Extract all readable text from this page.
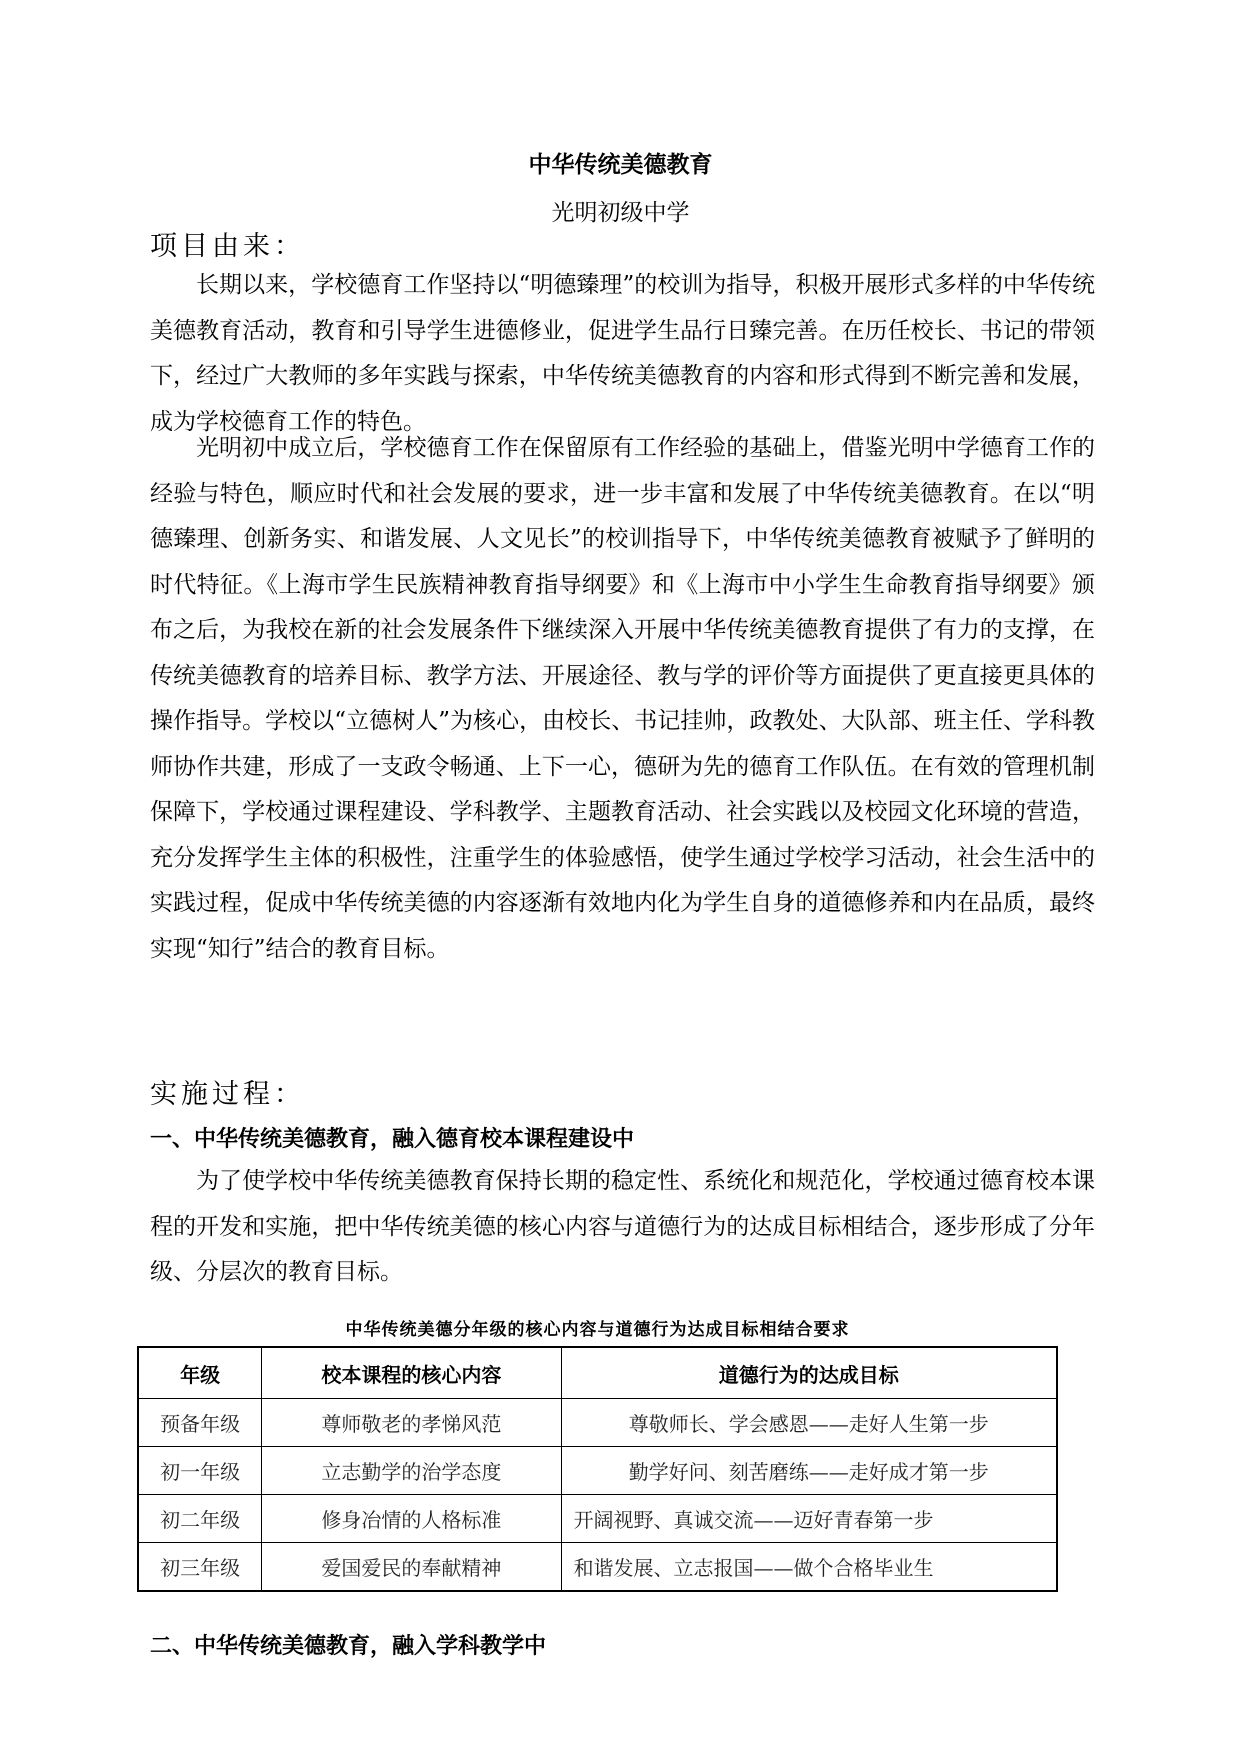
中华传统美德教育
光明初级中学
项目由来：

长期以来，学校德育工作坚持以“明德臻理”的校训为指导，积极开展形式多样的中华传统美德教育活动，教育和引导学生进德修业，促进学生品行日臻完善。在历任校长、书记的带领下，经过广大教师的多年实践与探索，中华传统美德教育的内容和形式得到不断完善和发展，成为学校德育工作的特色。

光明初中成立后，学校德育工作在保留原有工作经验的基础上，借鉴光明中学德育工作的经验与特色，顺应时代和社会发展的要求，进一步丰富和发展了中华传统美德教育。在以“明德臻理、创新务实、和谐发展、人文见长”的校训指导下，中华传统美德教育被赋予了鲜明的时代特征。《上海市学生民族精神教育指导纲要》和《上海市中小学生生命教育指导纲要》颁布之后，为我校在新的社会发展条件下继续深入开展中华传统美德教育提供了有力的支撑，在传统美德教育的培养目标、教学方法、开展途径、教与学的评价等方面提供了更直接更具体的操作指导。学校以“立德树人”为核心，由校长、书记挂帅，政教处、大队部、班主任、学科教师协作共建，形成了一支政令畅通、上下一心，德研为先的德育工作队伍。在有效的管理机制保障下，学校通过课程建设、学科教学、主题教育活动、社会实践以及校园文化环境的营造，充分发挥学生主体的积极性，注重学生的体验感悟，使学生通过学校学习活动，社会生活中的实践过程，促成中华传统美德的内容逐渐有效地内化为学生自身的道德修养和内在品质，最终实现“知行”结合的教育目标。

实施过程：
一、中华传统美德教育，融入德育校本课程建设中

为了使学校中华传统美德教育保持长期的稳定性、系统化和规范化，学校通过德育校本课程的开发和实施，把中华传统美德的核心内容与道德行为的达成目标相结合，逐步形成了分年级、分层次的教育目标。

中华传统美德分年级的核心内容与道德行为达成目标相结合要求
年级	校本课程的核心内容	道德行为的达成目标
预备年级	尊师敬老的孝悌风范	尊敬师长、学会感恩——走好人生第一步
初一年级	立志勤学的治学态度	勤学好问、刻苦磨练——走好成才第一步
初二年级	修身冶情的人格标准	开阔视野、真诚交流——迈好青春第一步
初三年级	爱国爱民的奉献精神	和谐发展、立志报国——做个合格毕业生
二、中华传统美德教育，融入学科教学中
